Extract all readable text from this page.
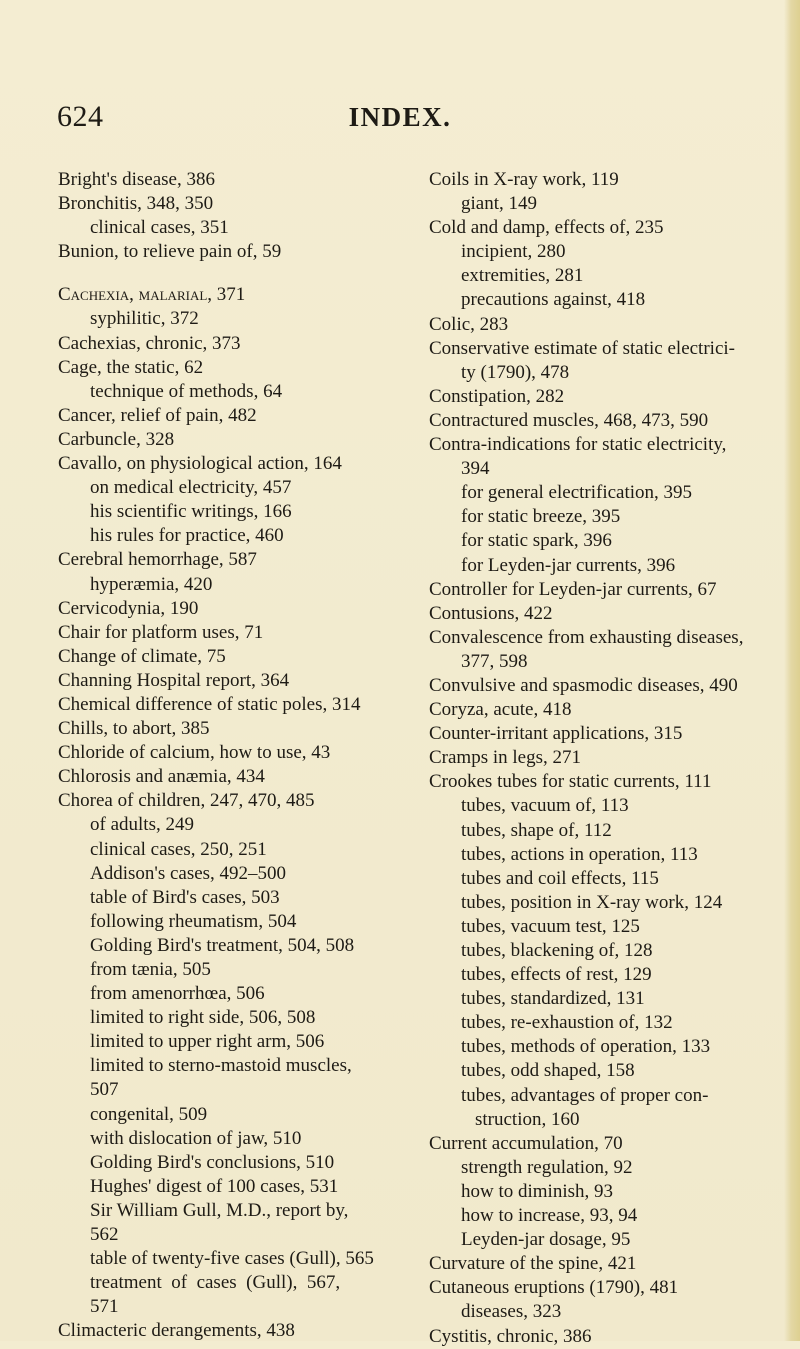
624	INDEX.
Bright's disease, 386
Bronchitis, 348, 350
clinical cases, 351
Bunion, to relieve pain of, 59
Cachexia, malarial, 371
syphilitic, 372
Cachexias, chronic, 373
Cage, the static, 62
technique of methods, 64
Cancer, relief of pain, 482
Carbuncle, 328
Cavallo, on physiological action, 164
on medical electricity, 457
his scientific writings, 166
his rules for practice, 460
Cerebral hemorrhage, 587
hyperæmia, 420
Cervicodynia, 190
Chair for platform uses, 71
Change of climate, 75
Channing Hospital report, 364
Chemical difference of static poles, 314
Chills, to abort, 385
Chloride of calcium, how to use, 43
Chlorosis and anæmia, 434
Chorea of children, 247, 470, 485
of adults, 249
clinical cases, 250, 251
Addison's cases, 492–500
table of Bird's cases, 503
following rheumatism, 504
Golding Bird's treatment, 504, 508
from tænia, 505
from amenorrhœa, 506
limited to right side, 506, 508
limited to upper right arm, 506
limited to sterno-mastoid muscles,
507
congenital, 509
with dislocation of jaw, 510
Golding Bird's conclusions, 510
Hughes' digest of 100 cases, 531
Sir William Gull, M.D., report by,
562
table of twenty-five cases (Gull), 565
treatment  of  cases  (Gull),  567,
571
Climacteric derangements, 438
Coils in X-ray work, 119
giant, 149
Cold and damp, effects of, 235
incipient, 280
extremities, 281
precautions against, 418
Colic, 283
Conservative estimate of static electrici-
ty (1790), 478
Constipation, 282
Contractured muscles, 468, 473, 590
Contra-indications for static electricity,
394
for general electrification, 395
for static breeze, 395
for static spark, 396
for Leyden-jar currents, 396
Controller for Leyden-jar currents, 67
Contusions, 422
Convalescence from exhausting diseases,
377, 598
Convulsive and spasmodic diseases, 490
Coryza, acute, 418
Counter-irritant applications, 315
Cramps in legs, 271
Crookes tubes for static currents, 111
tubes, vacuum of, 113
tubes, shape of, 112
tubes, actions in operation, 113
tubes and coil effects, 115
tubes, position in X-ray work, 124
tubes, vacuum test, 125
tubes, blackening of, 128
tubes, effects of rest, 129
tubes, standardized, 131
tubes, re-exhaustion of, 132
tubes, methods of operation, 133
tubes, odd shaped, 158
tubes, advantages of proper con-
struction, 160
Current accumulation, 70
strength regulation, 92
how to diminish, 93
how to increase, 93, 94
Leyden-jar dosage, 95
Curvature of the spine, 421
Cutaneous eruptions (1790), 481
diseases, 323
Cystitis, chronic, 386
